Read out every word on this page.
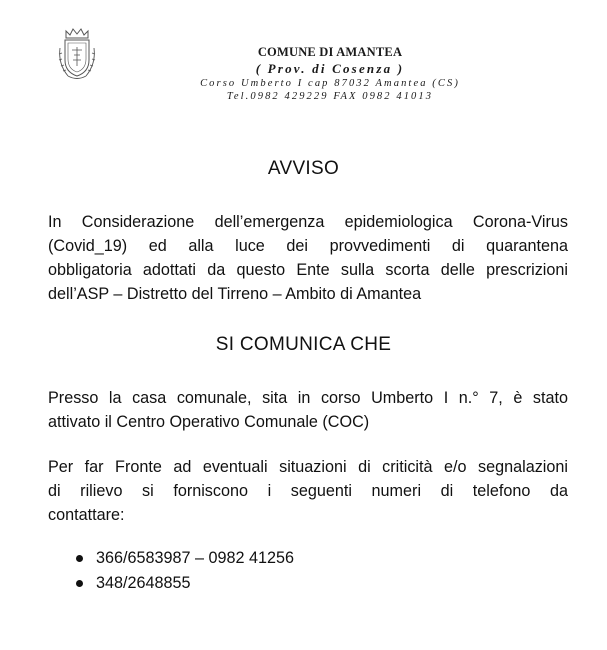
COMUNE DI AMANTEA
( Prov. di Cosenza )
Corso Umberto I cap 87032 Amantea (CS)
Tel.0982 429229 FAX 0982 41013
AVVISO
In Considerazione dell’emergenza epidemiologica Corona-Virus
(Covid_19) ed alla luce dei provvedimenti di quarantena
obbligatoria adottati da questo Ente sulla scorta delle prescrizioni
dell’ASP – Distretto del Tirreno – Ambito di Amantea
SI COMUNICA CHE
Presso la casa comunale, sita in corso Umberto I n.° 7, è stato
attivato il Centro Operativo Comunale (COC)
Per far Fronte ad eventuali situazioni di criticità e/o segnalazioni
di rilievo si forniscono i seguenti numeri di telefono da
contattare:
366/6583987 – 0982 41256
348/2648855
